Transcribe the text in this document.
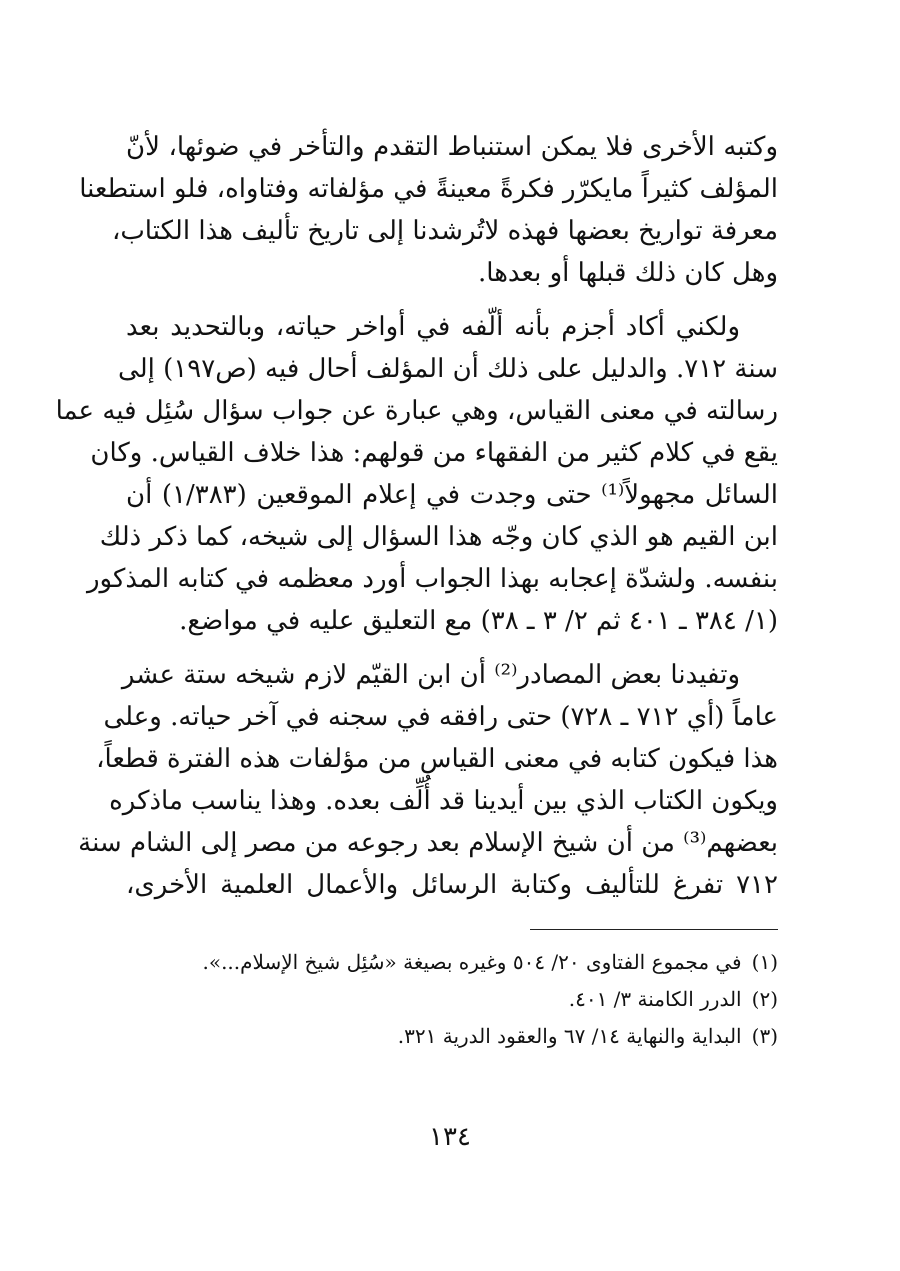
وكتبه الأخرى فلا يمكن استنباط التقدم والتأخر في ضوئها، لأنّ
المؤلف كثيراً مايكرّر فكرةً معينةً في مؤلفاته وفتاواه، فلو استطعنا
معرفة تواريخ بعضها فهذه لاتُرشدنا إلى تاريخ تأليف هذا الكتاب،
وهل كان ذلك قبلها أو بعدها.
ولكني أكاد أجزم بأنه ألّفه في أواخر حياته، وبالتحديد بعد
سنة ٧١٢. والدليل على ذلك أن المؤلف أحال فيه (ص١٩٧) إلى
رسالته في معنى القياس، وهي عبارة عن جواب سؤال سُئِل فيه عما
يقع في كلام كثير من الفقهاء من قولهم: هذا خلاف القياس. وكان
السائل مجهولاً⁽¹⁾ حتى وجدت في إعلام الموقعين (١/٣٨٣) أن
ابن القيم هو الذي كان وجّه هذا السؤال إلى شيخه، كما ذكر ذلك
بنفسه. ولشدّة إعجابه بهذا الجواب أورد معظمه في كتابه المذكور
(١/ ٣٨٤ ـ ٤٠١ ثم ٢/ ٣ ـ ٣٨) مع التعليق عليه في مواضع.
وتفيدنا بعض المصادر⁽²⁾ أن ابن القيّم لازم شيخه ستة عشر
عاماً (أي ٧١٢ ـ ٧٢٨) حتى رافقه في سجنه في آخر حياته. وعلى
هذا فيكون كتابه في معنى القياس من مؤلفات هذه الفترة قطعاً،
ويكون الكتاب الذي بين أيدينا قد أُلِّف بعده. وهذا يناسب ماذكره
بعضهم⁽³⁾ من أن شيخ الإسلام بعد رجوعه من مصر إلى الشام سنة
٧١٢ تفرغ للتأليف وكتابة الرسائل والأعمال العلمية الأخرى،
(١)في مجموع الفتاوى ٢٠/ ٥٠٤ وغيره بصيغة «سُئِل شيخ الإسلام...».
(٢)الدرر الكامنة ٣/ ٤٠١.
(٣)البداية والنهاية ١٤/ ٦٧ والعقود الدرية ٣٢١.
١٣٤
